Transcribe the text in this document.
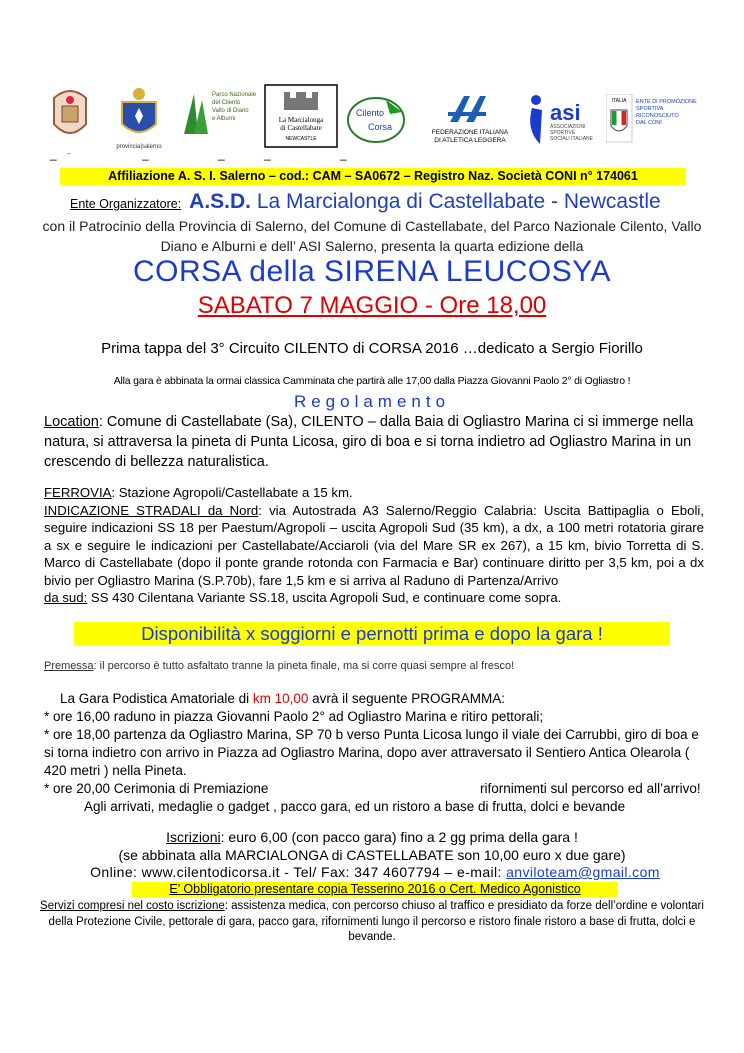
_
provincia|salerno
Parco Nazionale
del Cilento
Vallo di Diano
e Alburni	La Marcialonga
di Castellabate
NEWCASTLE
Cilento
Corsa
FEDERAZIONE ITALIANA
DI ATLETICA LEGGERA
asi
ASSOCIAZIONI
SPORTIVE
SOCIALI ITALIANE
ITALIA ENTE DI PROMOZIONE
SPORTIVA
RICONOSCIUTO
DAL CONI
_	_	_	_	_
Affiliazione A. S. I. Salerno – cod.: CAM – SA0672 – Registro Naz. Società CONI n° 174061
Ente Organizzatore: A.S.D. La Marcialonga di Castellabate - Newcastle
con il Patrocinio della Provincia di Salerno, del Comune di Castellabate, del Parco Nazionale Cilento, Vallo Diano e Alburni e dell’ ASI Salerno, presenta la quarta edizione della
CORSA della SIRENA LEUCOSYA
SABATO 7 MAGGIO - Ore 18,00
Prima tappa del 3° Circuito CILENTO di CORSA 2016 …dedicato a Sergio Fiorillo
Alla gara è abbinata la ormai classica Camminata che partirà alle 17,00 dalla Piazza Giovanni Paolo 2° di Ogliastro !
Regolamento
Location: Comune di Castellabate (Sa), CILENTO – dalla Baia di Ogliastro Marina ci si immerge nella natura, si attraversa la pineta di Punta Licosa, giro di boa e si torna indietro ad Ogliastro Marina in un crescendo di bellezza naturalistica.
FERROVIA: Stazione Agropoli/Castellabate a 15 km.
INDICAZIONE STRADALI da Nord: via Autostrada A3 Salerno/Reggio Calabria: Uscita Battipaglia o Eboli, seguire indicazioni SS 18 per Paestum/Agropoli – uscita Agropoli Sud (35 km), a dx, a 100 metri rotatoria girare a sx e seguire le indicazioni per Castellabate/Acciaroli (via del Mare SR ex 267), a 15 km, bivio Torretta di S. Marco di Castellabate (dopo il ponte grande rotonda con Farmacia e Bar) continuare diritto per 3,5 km, poi a dx bivio per Ogliastro Marina (S.P.70b), fare 1,5 km e si arriva al Raduno di Partenza/Arrivo
da sud: SS 430 Cilentana Variante SS.18, uscita Agropoli Sud, e continuare come sopra.
Disponibilità x soggiorni e pernotti prima e dopo la gara !
Premessa: il percorso è tutto asfaltato tranne la pineta finale, ma si corre quasi sempre al fresco!
La Gara Podistica Amatoriale di km 10,00 avrà il seguente PROGRAMMA:
* ore 16,00 raduno in piazza Giovanni Paolo 2° ad Ogliastro Marina e ritiro pettorali;
* ore 18,00 partenza da Ogliastro Marina, SP 70 b verso Punta Licosa lungo il viale dei Carrubbi, giro di boa e si torna indietro con arrivo in Piazza ad Ogliastro Marina, dopo aver attraversato il Sentiero Antica Olearola ( 420 metri ) nella Pineta.
* ore 20,00 Cerimonia di Premiazione	rifornimenti sul percorso ed all’arrivo!
Agli arrivati, medaglie o gadget , pacco gara, ed un ristoro a base di frutta, dolci e bevande
Iscrizioni: euro 6,00 (con pacco gara) fino a 2 gg prima della gara !
(se abbinata alla MARCIALONGA di CASTELLABATE son 10,00 euro x due gare)
Online: www.cilentodicorsa.it - Tel/ Fax: 347 4607794 – e-mail: anviloteam@gmail.com
E’ Obbligatorio presentare copia Tesserino 2016 o Cert. Medico Agonistico
Servizi compresi nel costo iscrizione: assistenza medica, con percorso chiuso al traffico e presidiato da forze dell’ordine e volontari della Protezione Civile, pettorale di gara, pacco gara, rifornimenti lungo il percorso e ristoro finale ristoro a base di frutta, dolci e bevande.
